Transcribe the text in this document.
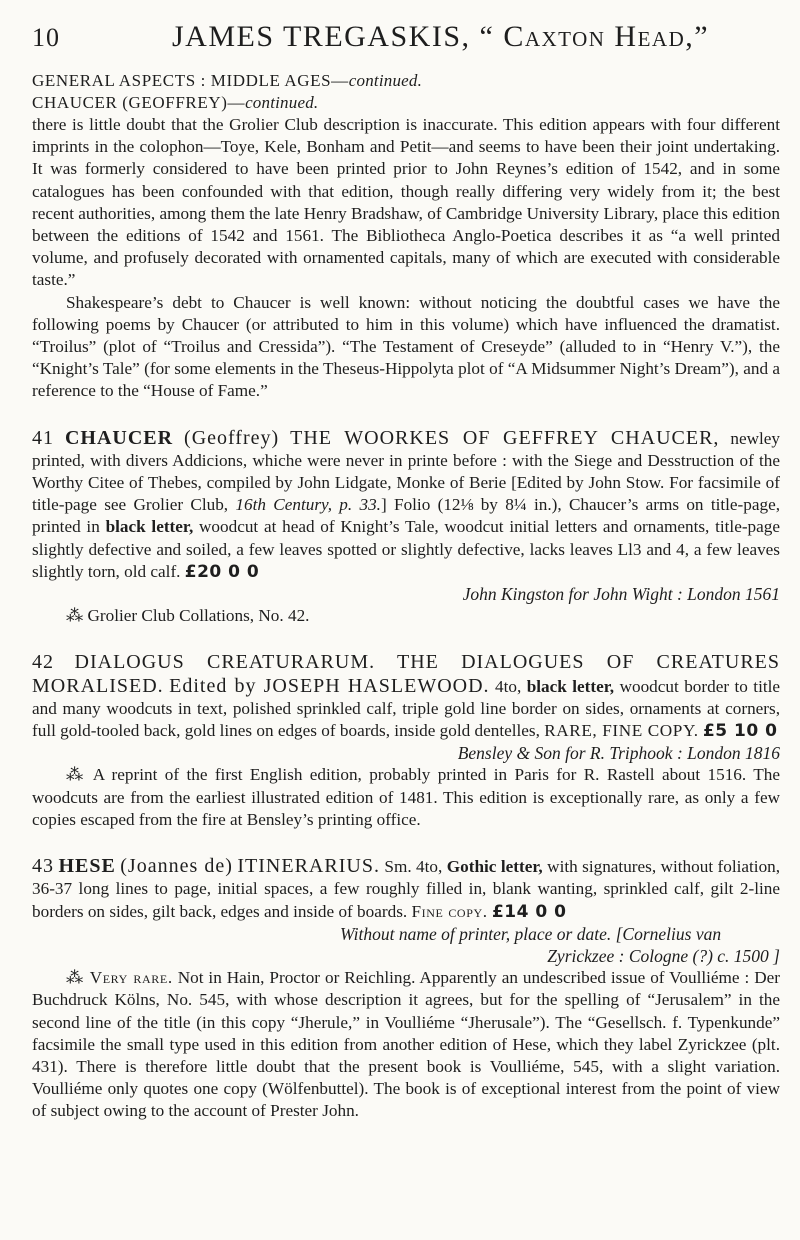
10	JAMES TREGASKIS, “ Caxton Head,”
GENERAL ASPECTS : MIDDLE AGES—continued.
CHAUCER (GEOFFREY)—continued.

there is little doubt that the Grolier Club description is inaccurate. This edition appears with four different imprints in the colophon—Toye, Kele, Bonham and Petit—and seems to have been their joint undertaking. It was formerly considered to have been printed prior to John Reynes’s edition of 1542, and in some catalogues has been confounded with that edition, though really differing very widely from it; the best recent authorities, among them the late Henry Bradshaw, of Cambridge University Library, place this edition between the editions of 1542 and 1561. The Bibliotheca Anglo-Poetica describes it as “a well printed volume, and profusely decorated with ornamented capitals, many of which are executed with considerable taste.”

Shakespeare’s debt to Chaucer is well known: without noticing the doubtful cases we have the following poems by Chaucer (or attributed to him in this volume) which have influenced the dramatist. “Troilus” (plot of “Troilus and Cressida”). “The Testament of Creseyde” (alluded to in “Henry V.”), the “Knight’s Tale” (for some elements in the Theseus-Hippolyta plot of “A Midsummer Night’s Dream”), and a reference to the “House of Fame.”

41 CHAUCER (Geoffrey) THE WOORKES OF GEFFREY CHAUCER, newley printed, with divers Addicions, whiche were never in printe before : with the Siege and Desstruction of the Worthy Citee of Thebes, compiled by John Lidgate, Monke of Berie [Edited by John Stow. For facsimile of title-page see Grolier Club, 16th Century, p. 33.] Folio (12⅛ by 8¼ in.), Chaucer’s arms on title-page, printed in black letter, woodcut at head of Knight’s Tale, woodcut initial letters and ornaments, title-page slightly defective and soiled, a few leaves spotted or slightly defective, lacks leaves Ll3 and 4, a few leaves slightly torn, old calf. £20 0 0

John Kingston for John Wight : London 1561

⁂ Grolier Club Collations, No. 42.

42 DIALOGUS CREATURARUM. THE DIALOGUES OF CREATURES MORALISED. Edited by JOSEPH HASLEWOOD. 4to, black letter, woodcut border to title and many woodcuts in text, polished sprinkled calf, triple gold line border on sides, ornaments at corners, full gold-tooled back, gold lines on edges of boards, inside gold dentelles, RARE, FINE COPY. £5 10 0

Bensley & Son for R. Triphook : London 1816

⁂ A reprint of the first English edition, probably printed in Paris for R. Rastell about 1516. The woodcuts are from the earliest illustrated edition of 1481. This edition is exceptionally rare, as only a few copies escaped from the fire at Bensley’s printing office.

43 HESE (Joannes de) ITINERARIUS. Sm. 4to, Gothic letter, with signatures, without foliation, 36-37 long lines to page, initial spaces, a few roughly filled in, blank wanting, sprinkled calf, gilt 2-line borders on sides, gilt back, edges and inside of boards. Fine copy. £14 0 0

Without name of printer, place or date. [Cornelius van
Zyrickzee : Cologne (?) c. 1500 ]

⁂ Very rare. Not in Hain, Proctor or Reichling. Apparently an undescribed issue of Voulliéme : Der Buchdruck Kölns, No. 545, with whose description it agrees, but for the spelling of “Jerusalem” in the second line of the title (in this copy “Jherule,” in Voulliéme “Jherusale”). The “Gesellsch. f. Typenkunde” facsimile the small type used in this edition from another edition of Hese, which they label Zyrickzee (plt. 431). There is therefore little doubt that the present book is Voulliéme, 545, with a slight variation. Voulliéme only quotes one copy (Wölfenbuttel). The book is of exceptional interest from the point of view of subject owing to the account of Prester John.
